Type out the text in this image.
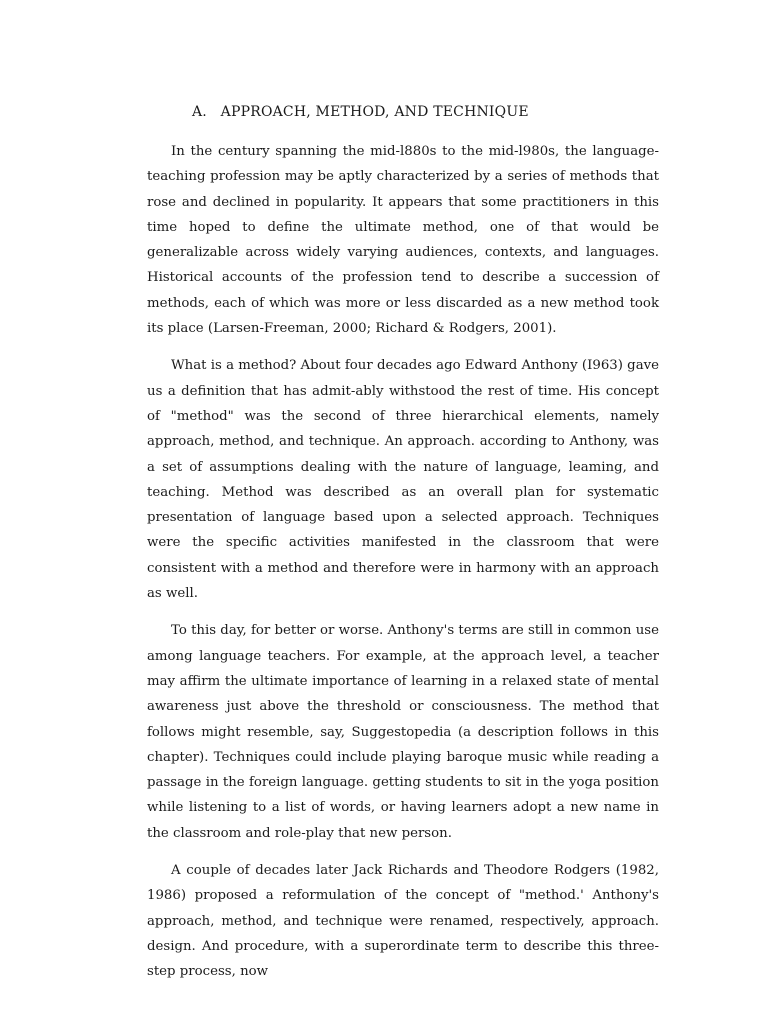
A. APPROACH, METHOD, AND TECHNIQUE

In the century spanning the mid-l880s to the mid-l980s, the language-teaching profession may be aptly characterized by a series of methods that rose and declined in popularity. It appears that some practitioners in this time hoped to define the ultimate method, one of that would be generalizable across widely varying audiences, contexts, and languages. Historical accounts of the profession tend to describe a succession of methods, each of which was more or less discarded as a new method took its place (Larsen-Freeman, 2000; Richard & Rodgers, 2001).

What is a method? About four decades ago Edward Anthony (I963) gave us a definition that has admit-ably withstood the rest of time. His concept of "method" was the second of three hierarchical elements, namely approach, method, and technique. An approach. according to Anthony, was a set of assumptions dealing with the nature of language, leaming, and teaching. Method was described as an overall plan for systematic presentation of language based upon a selected approach. Techniques were the specific activities manifested in the classroom that were consistent with a method and therefore were in harmony with an approach as well.

To this day, for better or worse. Anthony's terms are still in common use among language teachers. For example, at the approach level, a teacher may affirm the ultimate importance of learning in a relaxed state of mental awareness just above the threshold or consciousness. The method that follows might resemble, say, Suggestopedia (a description follows in this chapter). Techniques could include playing baroque music while reading a passage in the foreign language. getting students to sit in the yoga position while listening to a list of words, or having learners adopt a new name in the classroom and role-play that new person.

A couple of decades later Jack Richards and Theodore Rodgers (1982, 1986) proposed a reformulation of the concept of "method.' Anthony's approach, method, and technique were renamed, respectively, approach. design. And procedure, with a superordinate term to describe this three-step process, now
